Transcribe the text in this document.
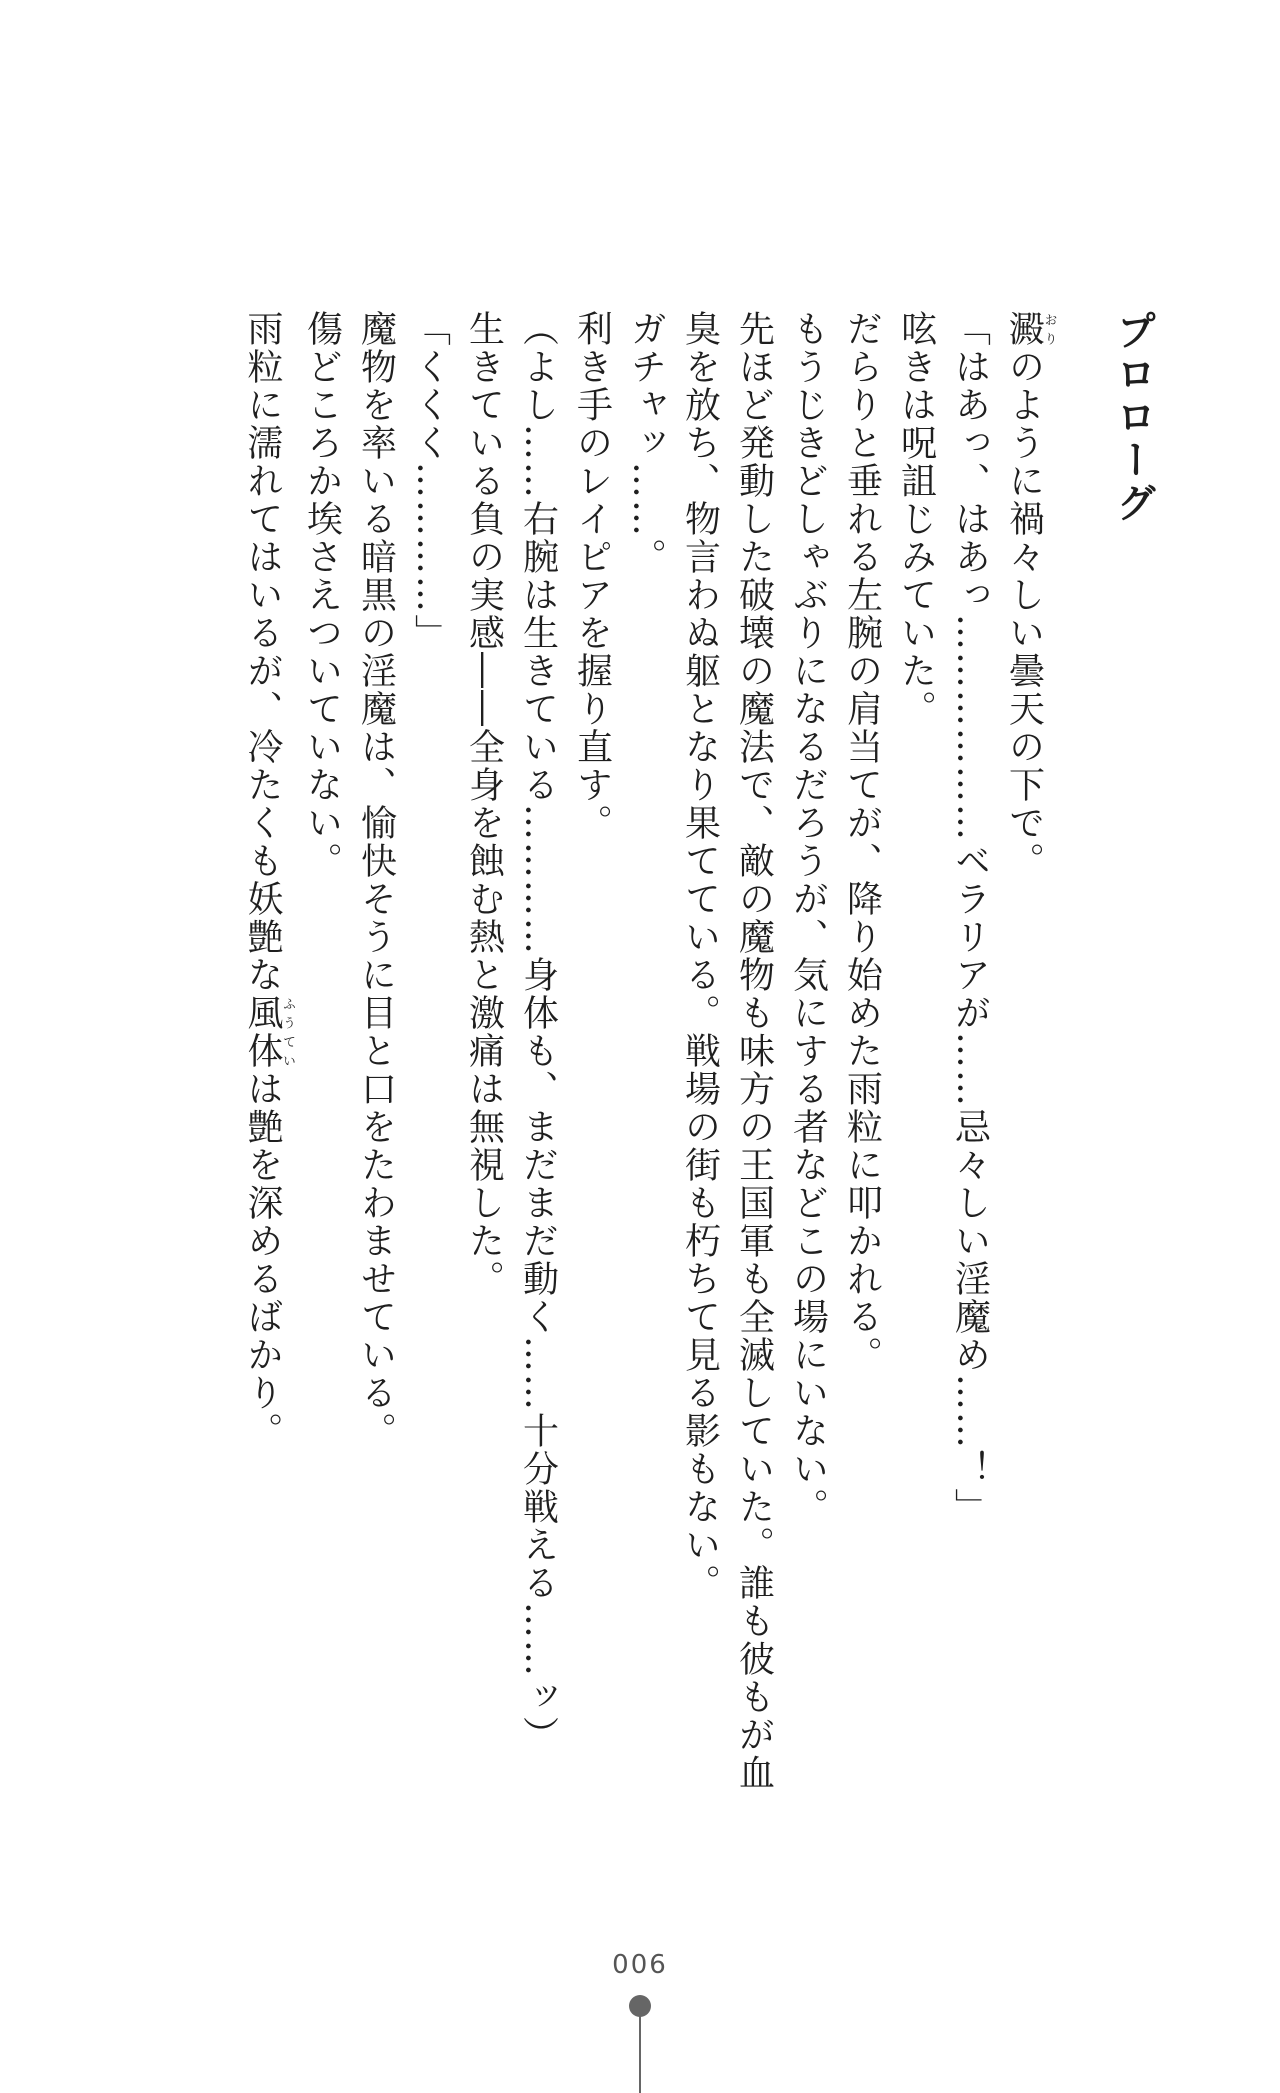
プロローグ

澱おりのように禍々しい曇天の下で。

「はあっ、はあっ………………ベラリアが……忌々しい淫魔め……！」

呟きは呪詛じみていた。

だらりと垂れる左腕の肩当てが、降り始めた雨粒に叩かれる。

もうじきどしゃぶりになるだろうが、気にする者などこの場にいない。

先ほど発動した破壊の魔法で、敵の魔物も味方の王国軍も全滅していた。誰も彼もが血臭を放ち、物言わぬ躯となり果てている。戦場の街も朽ちて見る影もない。

ガチャッ……。

利き手のレイピアを握り直す。

（よし……右腕は生きている…………身体も、まだまだ動く……十分戦える……ッ）

生きている負の実感――全身を蝕む熱と激痛は無視した。

「くくく…………」

魔物を率いる暗黒の淫魔は、愉快そうに目と口をたわませている。

傷どころか埃さえついていない。

雨粒に濡れてはいるが、冷たくも妖艶な風体ふうていは艶を深めるばかり。

006
